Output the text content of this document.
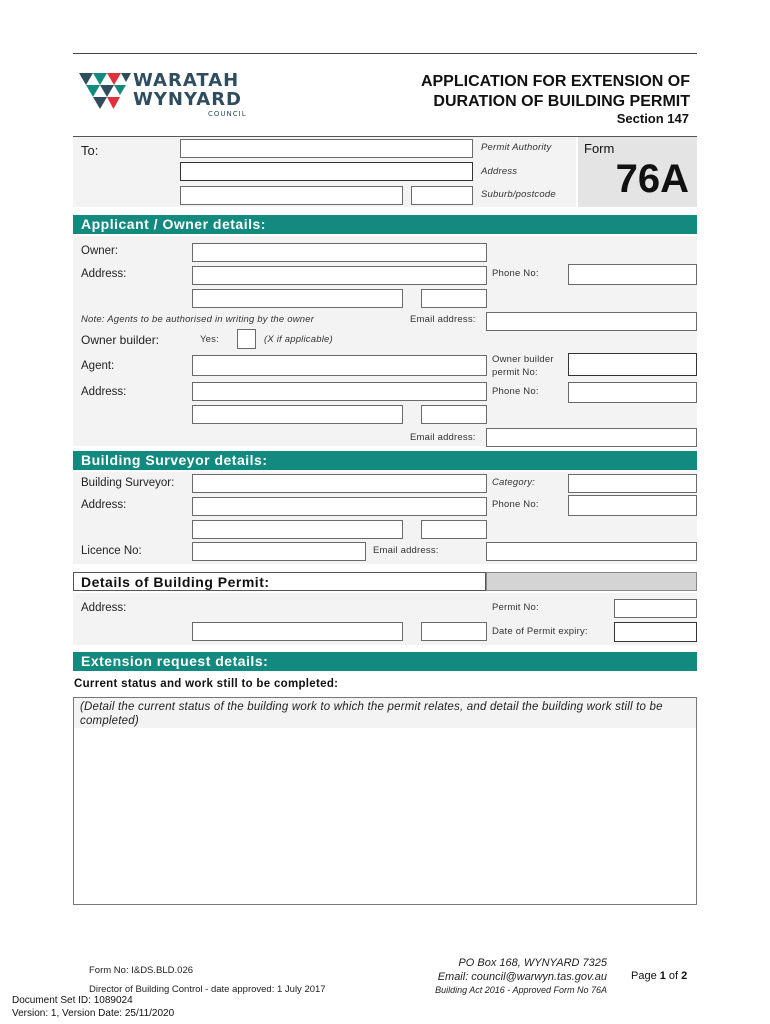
WARATAH
WYNYARD
COUNCIL
APPLICATION FOR EXTENSION OF
DURATION OF BUILDING PERMIT
Section 147
To:	Permit Authority
Address
Suburb/postcode
Form
76A
Applicant / Owner details:
Owner:
Address:	Phone No:
Note: Agents to be authorised in writing by the owner	Email address:
Owner builder:	Yes:	(X if applicable)
Agent:
Owner builder
permit No:
Address:	Phone No:
Email address:
Building Surveyor details:
Building Surveyor:	Category:
Address:	Phone No:
Licence No:	Email address:
Details of Building Permit:
Address:	Permit No:
Date of Permit expiry:
Extension request details:
Current status and work still to be completed:
(Detail the current status of the building work to which the permit relates, and detail the building work still to be completed)
Form No: I&DS.BLD.026
Director of Building Control - date approved: 1 July 2017
PO Box 168, WYNYARD 7325
Email: council@warwyn.tas.gov.au
Building Act 2016 - Approved Form No 76A
Page 1 of 2
Document Set ID: 1089024
Version: 1, Version Date: 25/11/2020
